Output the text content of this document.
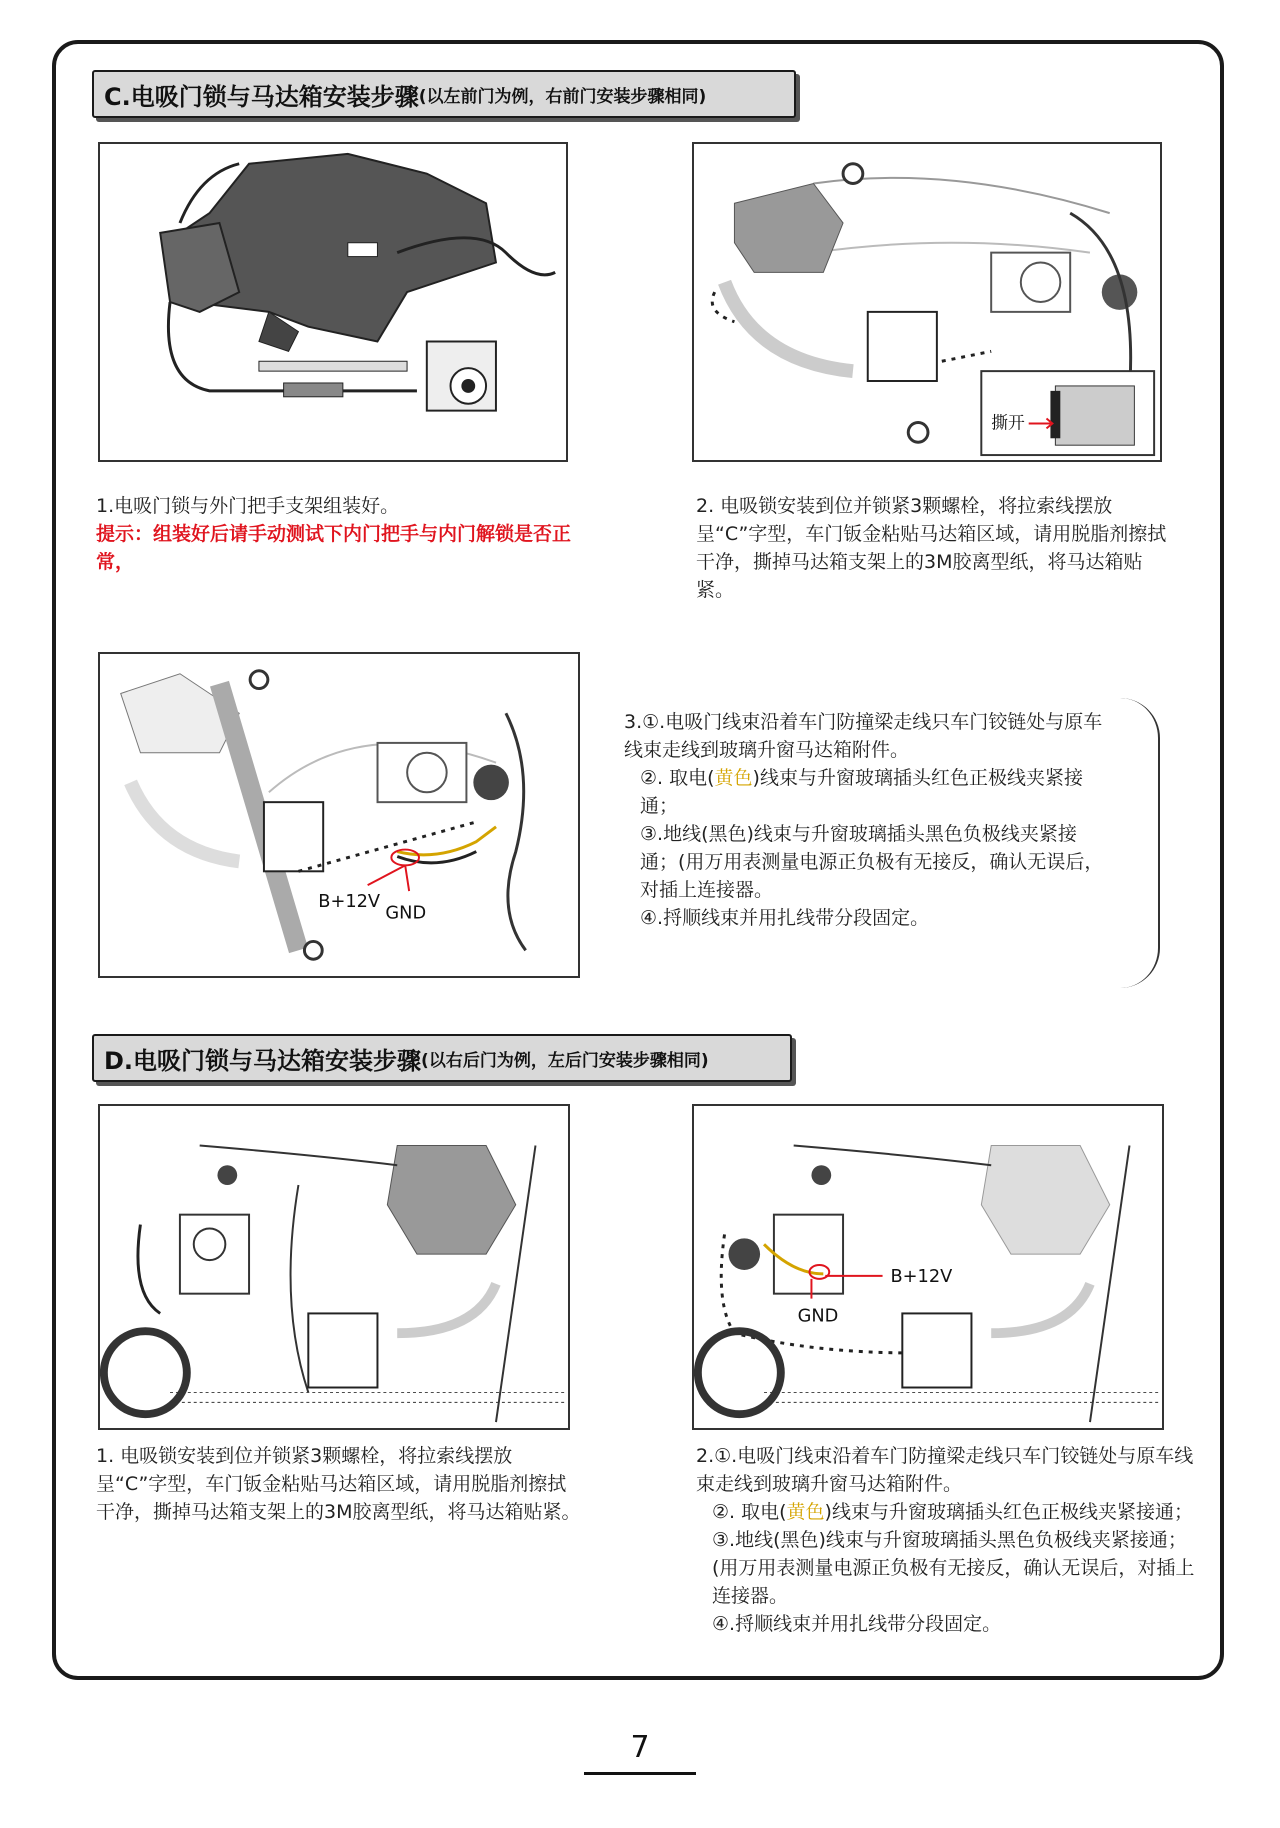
C.电吸门锁与马达箱安装步骤 (以左前门为例，右前门安装步骤相同)
撕开

1.电吸门锁与外门把手支架组装好。

提示：组装好后请手动测试下内门把手与内门解锁是否正常，

2. 电吸锁安装到位并锁紧3颗螺栓，将拉索线摆放呈“C”字型，车门钣金粘贴马达箱区域，请用脱脂剂擦拭干净，撕掉马达箱支架上的3M胶离型纸，将马达箱贴紧。

B+12V
GND

3.①.电吸门线束沿着车门防撞梁走线只车门铰链处与原车线束走线到玻璃升窗马达箱附件。

②. 取电(黄色)线束与升窗玻璃插头红色正极线夹紧接通；

③.地线(黑色)线束与升窗玻璃插头黑色负极线夹紧接通；(用万用表测量电源正负极有无接反，确认无误后，对插上连接器。

④.捋顺线束并用扎线带分段固定。

D.电吸门锁与马达箱安装步骤 (以右后门为例，左后门安装步骤相同)
B+12V
GND

1. 电吸锁安装到位并锁紧3颗螺栓，将拉索线摆放呈“C”字型，车门钣金粘贴马达箱区域，请用脱脂剂擦拭干净，撕掉马达箱支架上的3M胶离型纸，将马达箱贴紧。

2.①.电吸门线束沿着车门防撞梁走线只车门铰链处与原车线束走线到玻璃升窗马达箱附件。

②. 取电(黄色)线束与升窗玻璃插头红色正极线夹紧接通；

③.地线(黑色)线束与升窗玻璃插头黑色负极线夹紧接通；(用万用表测量电源正负极有无接反，确认无误后，对插上连接器。

④.捋顺线束并用扎线带分段固定。

7
